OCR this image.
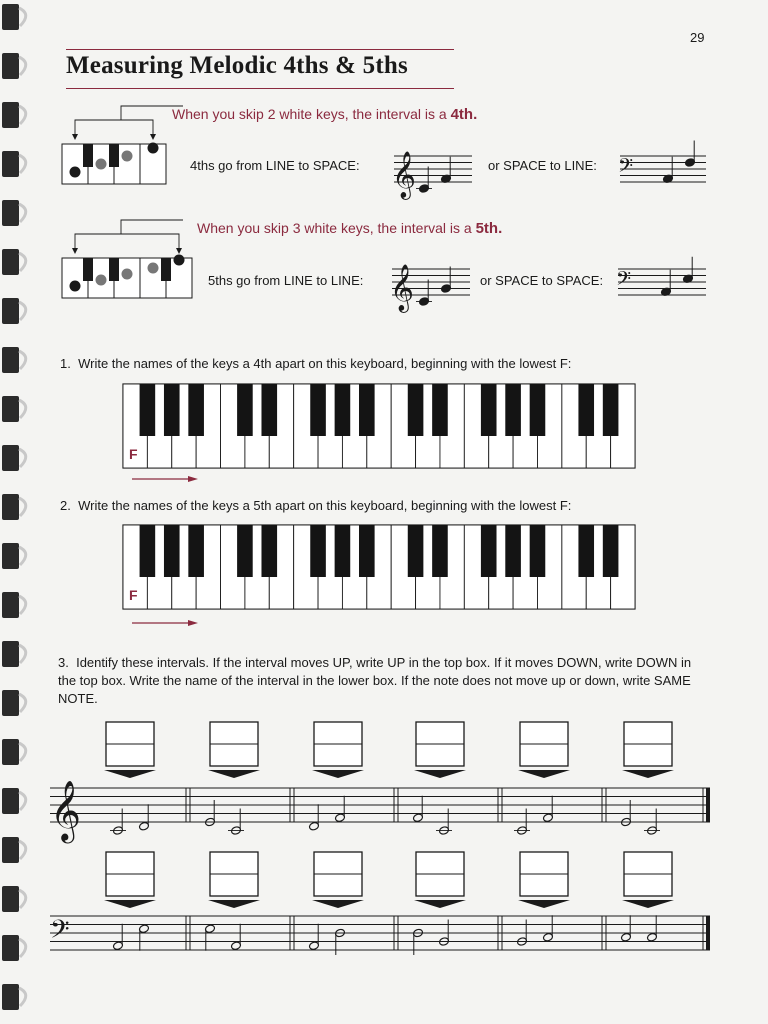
29
Measuring Melodic 4ths & 5ths
When you skip 2 white keys, the interval is a 4th.
4ths go from LINE to SPACE: 𝄞	or SPACE to LINE: 𝄢
When you skip 3 white keys, the interval is a 5th.
5ths go from LINE to LINE: 𝄞	or SPACE to SPACE: 𝄢
1. Write the names of the keys a 4th apart on this keyboard, beginning with the lowest F:
F
2. Write the names of the keys a 5th apart on this keyboard, beginning with the lowest F:
F
3. Identify these intervals. If the interval moves UP, write UP in the top box. If it moves DOWN, write DOWN in the top box. Write the name of the interval in the lower box. If the note does not move up or down, write SAME NOTE.
𝄞
𝄢
